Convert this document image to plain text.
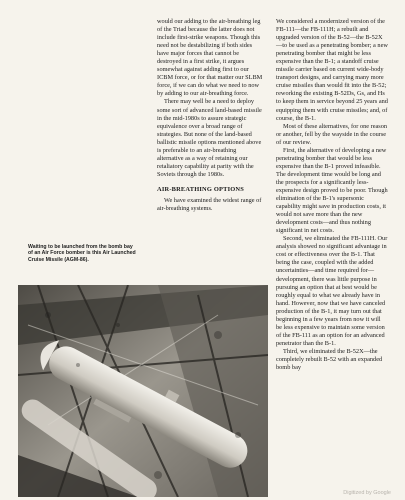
would our adding to the air-breathing leg of the Triad because the latter does not include first-strike weapons. Though this need not be destabilizing if both sides have major forces that cannot be destroyed in a first strike, it argues somewhat against adding first to our ICBM force, or for that matter our SLBM force, if we can do what we need to now by adding to our air-breathing force.

There may well be a need to deploy some sort of advanced land-based missile in the mid-1980s to assure strategic equivalence over a broad range of strategies. But none of the land-based ballistic missile options mentioned above is preferable to an air-breathing alternative as a way of retaining our retaliatory capability at parity with the Soviets through the 1980s.

AIR-BREATHING OPTIONS

We have examined the widest range of air-breathing systems.

We considered a modernized version of the FB-111—the FB-111H; a rebuilt and upgraded version of the B-52—the B-52X—to be used as a penetrating bomber; a new penetrating bomber that might be less expensive than the B-1; a standoff cruise missile carrier based on current wide-body transport designs, and carrying many more cruise missiles than would fit into the B-52; reworking the existing B-52Ds, Gs, and Hs to keep them in service beyond 25 years and equipping them with cruise missiles; and, of course, the B-1.

Most of these alternatives, for one reason or another, fell by the wayside in the course of our review.

First, the alternative of developing a new penetrating bomber that would be less expensive than the B-1 proved infeasible. The development time would be long and the prospects for a significantly less-expensive design proved to be poor. Though elimination of the B-1's supersonic capability might save in production costs, it would not save more than the new development costs—and thus nothing significant in net costs.

Second, we eliminated the FB-111H. Our analysis showed no significant advantage in cost or effectiveness over the B-1. That being the case, coupled with the added uncertainties—and time required for—development, there was little purpose in pursuing an option that at best would be roughly equal to what we already have in hand. However, now that we have canceled production of the B-1, it may turn out that beginning in a few years from now it will be less expensive to maintain some version of the FB-111 as an option for an advanced penetrator than the B-1.

Third, we eliminated the B-52X—the completely rebuilt B-52 with an expanded bomb bay

Waiting to be launched from the bomb bay of an Air Force bomber is this Air Launched Cruise Missile (AGM-86).
Digitized by Google
